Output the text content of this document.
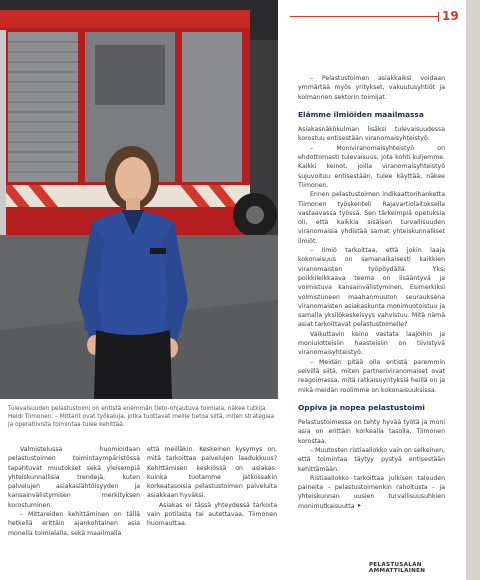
19
Tulevaisuuden pelastustoimi on entistä enemmän tieto-ohjautuva toimiala, näkee tutkija Heidi Tiimonen. – Mittarit ovat työkaluja, jotka tuottavat meille tietoa siitä, miten strategiaa ja operatiivista toimintaa tulee kehittää.

Valmistelussa huomioidaan pelastustoimen toimintaympäristössä tapahtuvat muutokset sekä yleisempiä yhteiskunnallisia trendejä, kuten palvelujen asiakaslähtöisyyden ja kansainvälistymisen merkityksen korostuminen.

– Mittareiden kehittäminen on tällä hetkellä erittäin ajankohtainen asia monella toimialalla, sekä maailmalla

että meilläkin. Keskeinen kysymys on, mitä tarkoittaa palvelujen laadukkuus? Kehittämisen keskiössä on asiakas: kuinka tuotamme jatkossakin korkeatasoisia pelastustoimen palveluita asiakkaan hyväksi.

Asiakas ei tässä yhteydessä tarkoita vain potilasta tai autettavaa, Tiimonen huomauttaa.

– Pelastustoimen asiakkaiksi voidaan ymmärtää myös yritykset, vakuutusyhtiöt ja kolmannen sektorin toimijat.

Elämme ilmiöiden maailmassa

Asiakasnäkökulman lisäksi tulevaisuudessa korostuu entisestään viranomaisyhteistyö.

– Moniviranomaisyhteistyö on ehdottomasti tulevaisuus, jota kohti kuljemme. Kaikki keinot, joilla viranomaisyhteistyö sujuvoituu entisestään, tulee käyttää, näkee Tiimonen.

Ennen pelastustoimen indikaattorihanketta Tiimonen työskenteli Rajavartiolaitoksella vastaavassa työssä. Sen tärkeimpiä opetuksia oli, että kaikkia sisäisen turvallisuuden viranomaisia yhdistää samat yhteiskunnalliset ilmiöt.

– Ilmiö tarkoittaa, että jokin laaja kokonaisuus on samanaikaisesti kaikkien viranomaisten työpöydällä. Yksi poikkileikkaava teema on lisääntyvä ja voimistuva kansainvälistyminen. Esimerkiksi voimistuneen maahanmuuton seurauksena viranomaisten asiakaskunta monimuotoistuu ja samalla yksilökeskeisyys vahvistuu. Mitä nämä asiat tarkoittavat pelastustoimelle?

Vaikuttavin keino vastata laajoihin ja moniulotteisiin haasteisiin on tiivistyvä viranomaisyhteistyö.

– Meidän pitää olla entistä paremmin selvillä siitä, miten partneriviranomaiset ovat reagoimassa, mitä ratkaisuyrityksiä heillä on ja mikä meidän roolimme on kokonaisuuksissa.

Oppiva ja nopea pelastustoimi

Pelastustoimessa on tehty hyvää työtä ja moni asia on erittäin korkealla tasolla, Tiimonen korostaa.

– Muutosten ristiaallokko vain on selkeinen, että toimintaa täytyy pystyä entisestään kehittämään.

Ristiaallokko tarkoittaa julkisen talouden paineita – pelastustoimenkin rahoitusta – ja yhteiskunnan uusien turvallisuusuhkien monimutkaisuutta ⯈

PELASTUSALAN AMMATTILAINEN
